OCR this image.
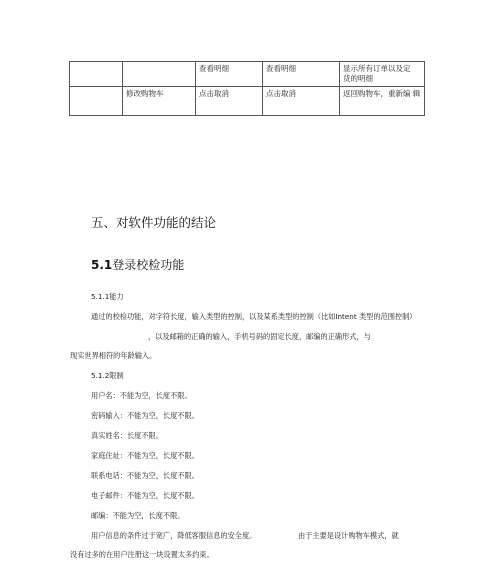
		查看明细	查看明细	显示所有订单以及定
货的明细

	修改购物车	点击取消	点击取消	返回购物车，重新编 辑
五、对软件功能的结论
5.1登录校检功能
5.1.1能力
通过的校检功能，对字符长度，输入类型的控制，以及某系类型的控制（比如Intent 类型的范围控制）
，以及邮箱的正确的输入，手机号码的固定长度，邮编的正确形式，与
现实世界相符的年龄输入。
5.1.2限制
用户名：不能为空，长度不限。
密码输入：不能为空，长度不限。
真实姓名：长度不限。
家庭住址：不能为空，长度不限。
联系电话：不能为空，长度不限。
电子邮件：不能为空，长度不限。
邮编：不能为空，长度不限。
用户信息的条件过于宽广，降低客服信息的安全度。	由于主要是设计购物车模式，就
没有过多的在用户注册这一块设置太多约束。
